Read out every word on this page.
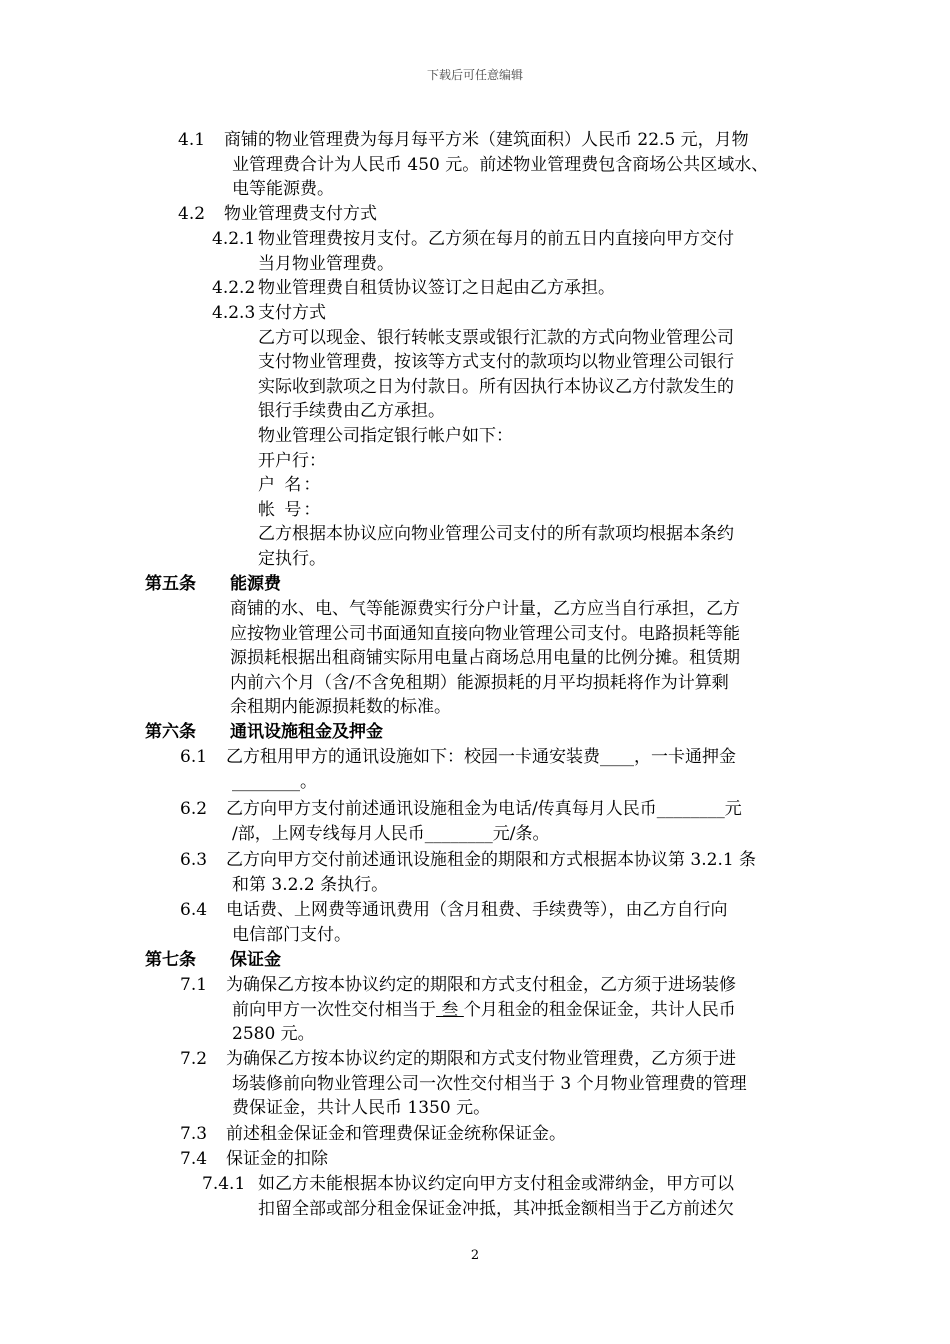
下载后可任意编辑
4.1 商铺的物业管理费为每月每平方米（建筑面积）人民币 22.5 元，月物
业管理费合计为人民币 450 元。前述物业管理费包含商场公共区域水、
电等能源费。
4.2 物业管理费支付方式
4.2.1 物业管理费按月支付。乙方须在每月的前五日内直接向甲方交付
当月物业管理费。
4.2.2 物业管理费自租赁协议签订之日起由乙方承担。
4.2.3 支付方式
乙方可以现金、银行转帐支票或银行汇款的方式向物业管理公司
支付物业管理费，按该等方式支付的款项均以物业管理公司银行
实际收到款项之日为付款日。所有因执行本协议乙方付款发生的
银行手续费由乙方承担。
物业管理公司指定银行帐户如下：
开户行：
户 名：
帐 号：
乙方根据本协议应向物业管理公司支付的所有款项均根据本条约
定执行。
第五条 能源费
商铺的水、电、气等能源费实行分户计量，乙方应当自行承担，乙方
应按物业管理公司书面通知直接向物业管理公司支付。电路损耗等能
源损耗根据出租商铺实际用电量占商场总用电量的比例分摊。租赁期
内前六个月（含/不含免租期）能源损耗的月平均损耗将作为计算剩
余租期内能源损耗数的标准。
第六条 通讯设施租金及押金
6.1 乙方租用甲方的通讯设施如下：校园一卡通安装费____，一卡通押金
________。
6.2 乙方向甲方支付前述通讯设施租金为电话/传真每月人民币________元
/部，上网专线每月人民币________元/条。
6.3 乙方向甲方交付前述通讯设施租金的期限和方式根据本协议第 3.2.1 条
和第 3.2.2 条执行。
6.4 电话费、上网费等通讯费用（含月租费、手续费等），由乙方自行向
电信部门支付。
第七条 保证金
7.1 为确保乙方按本协议约定的期限和方式支付租金，乙方须于进场装修
前向甲方一次性交付相当于 叁 个月租金的租金保证金，共计人民币
2580 元。
7.2 为确保乙方按本协议约定的期限和方式支付物业管理费，乙方须于进
场装修前向物业管理公司一次性交付相当于 3 个月物业管理费的管理
费保证金，共计人民币 1350 元。
7.3 前述租金保证金和管理费保证金统称保证金。
7.4 保证金的扣除
7.4.1 如乙方未能根据本协议约定向甲方支付租金或滞纳金，甲方可以
扣留全部或部分租金保证金冲抵，其冲抵金额相当于乙方前述欠
2
